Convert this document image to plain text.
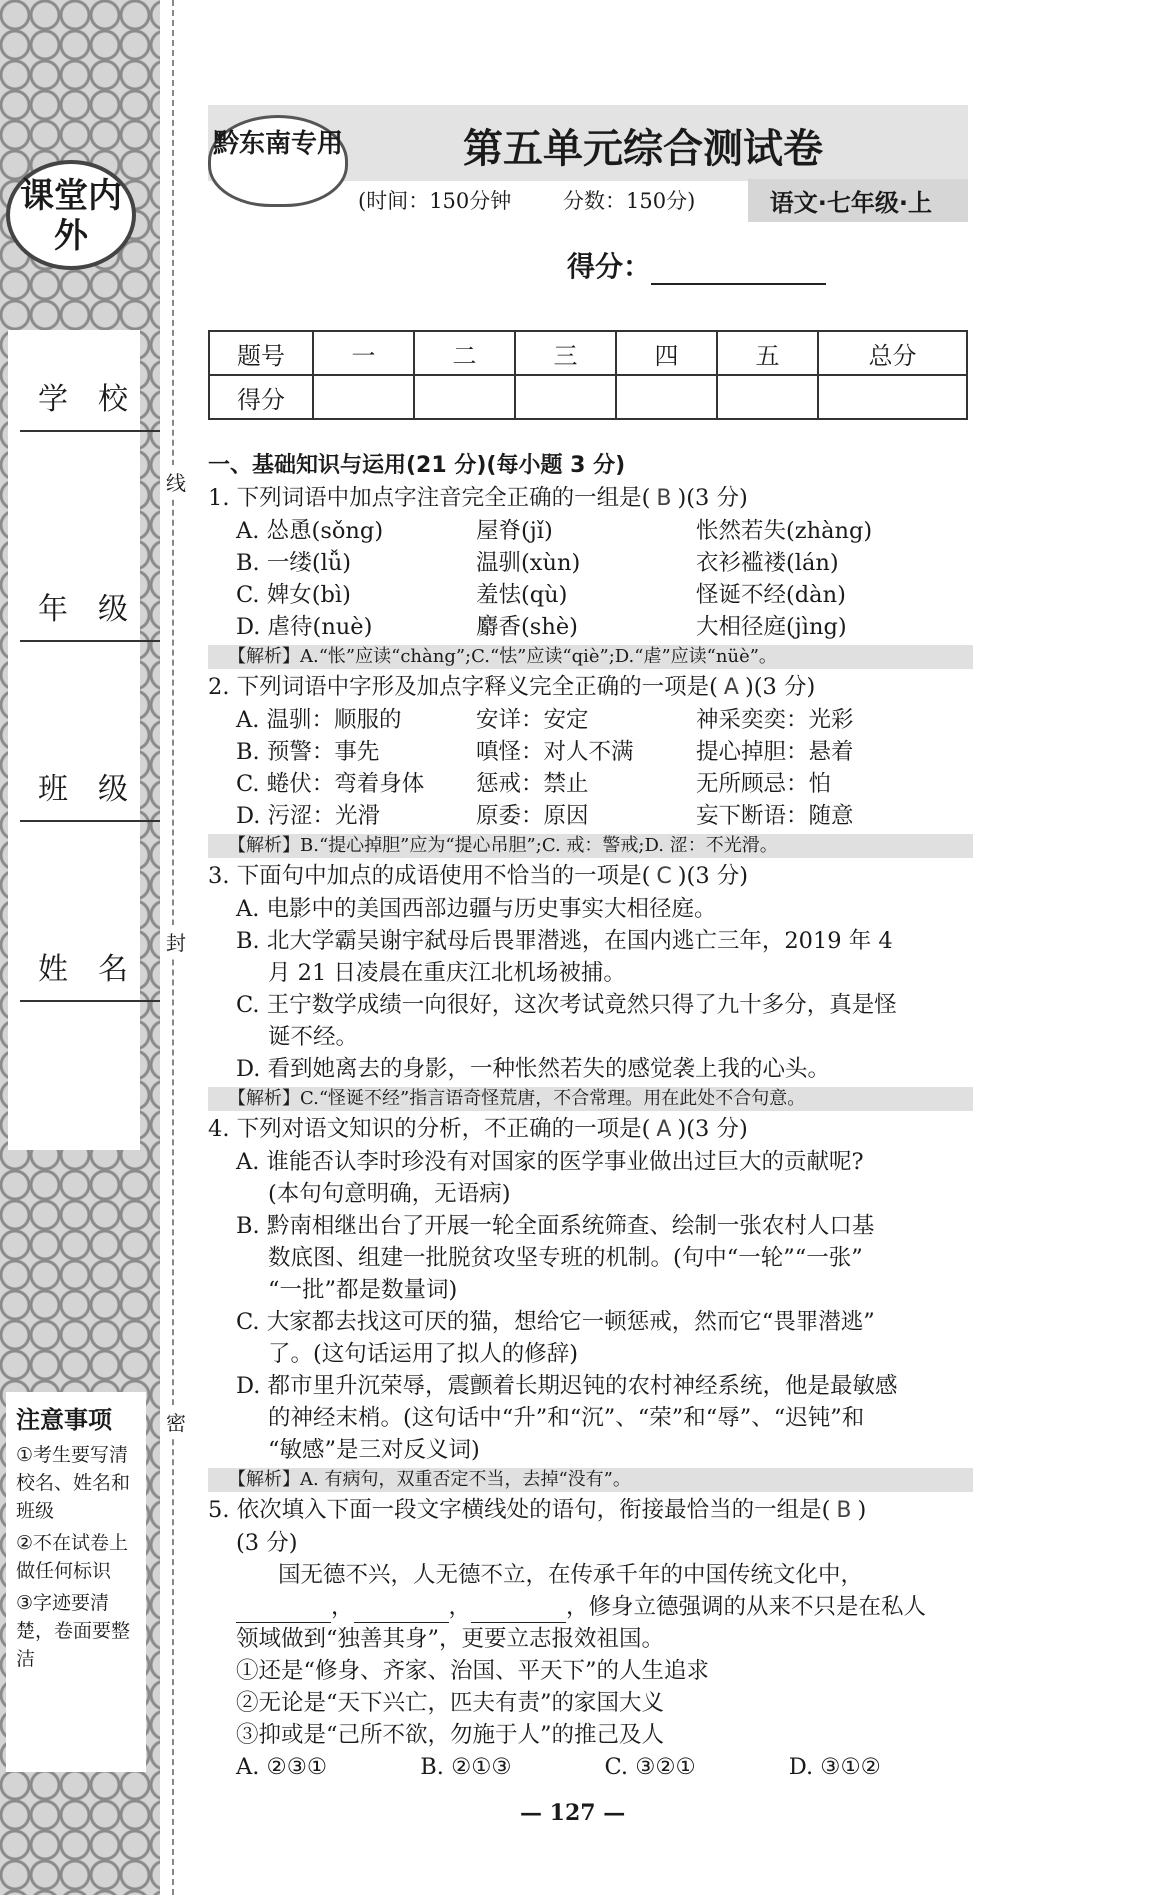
课堂内外
学校
年级
班级
姓名
注意事项
①考生要写清校名、姓名和班级
②不在试卷上做任何标识
③字迹要清楚，卷面要整洁
线
封
密
黔东南专用	第五单元综合测试卷
(时间：150分钟 分数：150分)	语文·七年级·上
得分：
题号	一	二	三	四	五	总分
得分						
一、基础知识与运用(21 分)(每小题 3 分)
1. 下列词语中加点字注音完全正确的一组是( B )(3 分)
A. 怂恿(sǒng)	屋脊(jǐ)	怅然若失(zhàng)
B. 一缕(lǚ)	温驯(xùn)	衣衫褴褛(lán)
C. 婢女(bì)	羞怯(qù)	怪诞不经(dàn)
D. 虐待(nuè)	麝香(shè)	大相径庭(jìng)
【解析】A.“怅”应读“chàng”;C.“怯”应读“qiè”;D.“虐”应读“nüè”。
2. 下列词语中字形及加点字释义完全正确的一项是( A )(3 分)
A. 温驯：顺服的	安详：安定	神采奕奕：光彩
B. 预警：事先	嗔怪：对人不满	提心掉胆：悬着
C. 蜷伏：弯着身体	惩戒：禁止	无所顾忌：怕
D. 污涩：光滑	原委：原因	妄下断语：随意
【解析】B.“提心掉胆”应为“提心吊胆”;C. 戒：警戒;D. 涩：不光滑。
3. 下面句中加点的成语使用不恰当的一项是( C )(3 分)
A. 电影中的美国西部边疆与历史事实大相径庭。
B. 北大学霸吴谢宇弑母后畏罪潜逃，在国内逃亡三年，2019 年 4
月 21 日凌晨在重庆江北机场被捕。
C. 王宁数学成绩一向很好，这次考试竟然只得了九十多分，真是怪
诞不经。
D. 看到她离去的身影，一种怅然若失的感觉袭上我的心头。
【解析】C.“怪诞不经”指言语奇怪荒唐，不合常理。用在此处不合句意。
4. 下列对语文知识的分析，不正确的一项是( A )(3 分)
A. 谁能否认李时珍没有对国家的医学事业做出过巨大的贡献呢?
(本句句意明确，无语病)
B. 黔南相继出台了开展一轮全面系统筛查、绘制一张农村人口基
数底图、组建一批脱贫攻坚专班的机制。(句中“一轮”“一张”
“一批”都是数量词)
C. 大家都去找这可厌的猫，想给它一顿惩戒，然而它“畏罪潜逃”
了。(这句话运用了拟人的修辞)
D. 都市里升沉荣辱，震颤着长期迟钝的农村神经系统，他是最敏感
的神经末梢。(这句话中“升”和“沉”、“荣”和“辱”、“迟钝”和
“敏感”是三对反义词)
【解析】A. 有病句，双重否定不当，去掉“没有”。
5. 依次填入下面一段文字横线处的语句，衔接最恰当的一组是( B )
(3 分)
国无德不兴，人无德不立，在传承千年的中国传统文化中，
，	，	，修身立德强调的从来不只是在私人
领域做到“独善其身”，更要立志报效祖国。
①还是“修身、齐家、治国、平天下”的人生追求
②无论是“天下兴亡，匹夫有责”的家国大义
③抑或是“己所不欲，勿施于人”的推己及人
A. ②③①	B. ②①③	C. ③②①	D. ③①②
— 127 —
